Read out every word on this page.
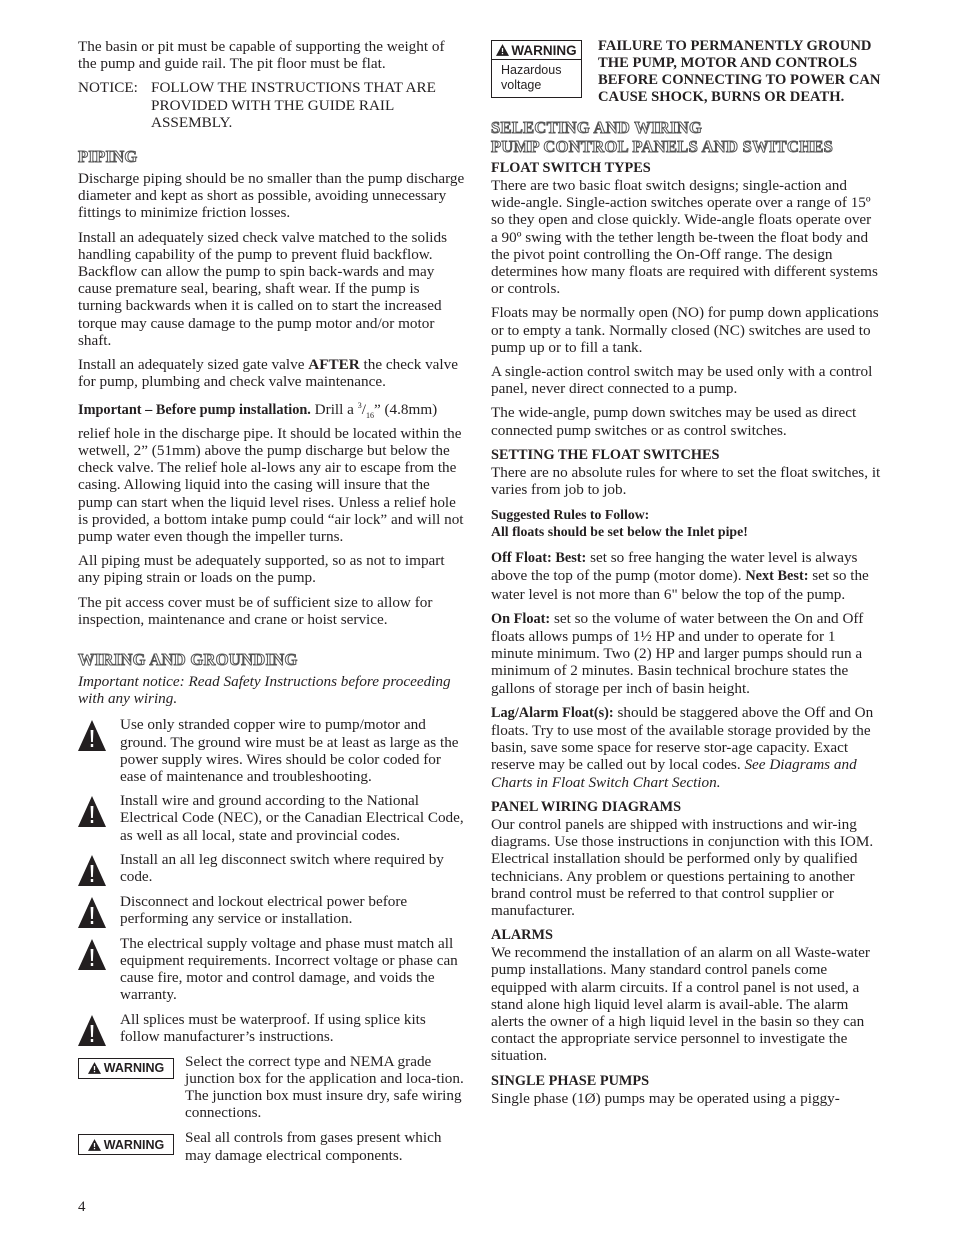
The basin or pit must be capable of supporting the weight of the pump and guide rail. The pit floor must be flat.

NOTICE: FOLLOW THE INSTRUCTIONS THAT ARE PROVIDED WITH THE GUIDE RAIL ASSEMBLY.
PIPING

Discharge piping should be no smaller than the pump discharge diameter and kept as short as possible, avoiding unnecessary fittings to minimize friction losses.

Install an adequately sized check valve matched to the solids handling capability of the pump to prevent fluid backflow. Backflow can allow the pump to spin back-wards and may cause premature seal, bearing, shaft wear. If the pump is turning backwards when it is called on to start the increased torque may cause damage to the pump motor and/or motor shaft.

Install an adequately sized gate valve AFTER the check valve for pump, plumbing and check valve maintenance.

Important – Before pump installation. Drill a $^3/_{16}$” (4.8mm) relief hole in the discharge pipe. It should be located within the wetwell, 2” (51mm) above the pump discharge but below the check valve. The relief hole al-lows any air to escape from the casing. Allowing liquid into the casing will insure that the pump can start when the liquid level rises. Unless a relief hole is provided, a bottom intake pump could “air lock” and will not pump water even though the impeller turns.

All piping must be adequately supported, so as not to impart any piping strain or loads on the pump.

The pit access cover must be of sufficient size to allow for inspection, maintenance and crane or hoist service.

WIRING AND GROUNDING

Important notice: Read Safety Instructions before proceeding with any wiring.

Use only stranded copper wire to pump/motor and ground. The ground wire must be at least as large as the power supply wires. Wires should be color coded for ease of maintenance and troubleshooting.

Install wire and ground according to the National Electrical Code (NEC), or the Canadian Electrical Code, as well as all local, state and provincial codes.

Install an all leg disconnect switch where required by code.

Disconnect and lockout electrical power before performing any service or installation.

The electrical supply voltage and phase must match all equipment requirements. Incorrect voltage or phase can cause fire, motor and control damage, and voids the warranty.

All splices must be waterproof. If using splice kits follow manufacturer’s instructions.

WARNING Select the correct type and NEMA grade junction box for the application and loca-tion. The junction box must insure dry, safe wiring connections.

WARNING Seal all controls from gases present which may damage electrical components.

WARNING
Hazardous voltage
FAILURE TO PERMANENTLY GROUND THE PUMP, MOTOR AND CONTROLS BEFORE CONNECTING TO POWER CAN CAUSE SHOCK, BURNS OR DEATH.
SELECTING AND WIRING
PUMP CONTROL PANELS AND SWITCHES
FLOAT SWITCH TYPES

There are two basic float switch designs; single-action and wide-angle. Single-action switches operate over a range of 15º so they open and close quickly. Wide-angle floats operate over a 90º swing with the tether length be-tween the float body and the pivot point controlling the On-Off range. The design determines how many floats are required with different systems or controls.

Floats may be normally open (NO) for pump down applications or to empty a tank. Normally closed (NC) switches are used to pump up or to fill a tank.

A single-action control switch may be used only with a control panel, never direct connected to a pump.

The wide-angle, pump down switches may be used as direct connected pump switches or as control switches.

SETTING THE FLOAT SWITCHES

There are no absolute rules for where to set the float switches, it varies from job to job.

Suggested Rules to Follow:
All floats should be set below the Inlet pipe!

Off Float: Best: set so free hanging the water level is always above the top of the pump (motor dome). Next Best: set so the water level is not more than 6" below the top of the pump.

On Float: set so the volume of water between the On and Off floats allows pumps of 1½ HP and under to operate for 1 minute minimum. Two (2) HP and larger pumps should run a minimum of 2 minutes. Basin technical brochure states the gallons of storage per inch of basin height.

Lag/Alarm Float(s): should be staggered above the Off and On floats. Try to use most of the available storage provided by the basin, save some space for reserve stor-age capacity. Exact reserve may be called out by local codes. See Diagrams and Charts in Float Switch Chart Section.

PANEL WIRING DIAGRAMS

Our control panels are shipped with instructions and wir-ing diagrams. Use those instructions in conjunction with this IOM. Electrical installation should be performed only by qualified technicians. Any problem or questions pertaining to another brand control must be referred to that control supplier or manufacturer.

ALARMS

We recommend the installation of an alarm on all Waste-water pump installations. Many standard control panels come equipped with alarm circuits. If a control panel is not used, a stand alone high liquid level alarm is avail-able. The alarm alerts the owner of a high liquid level in the basin so they can contact the appropriate service personnel to investigate the situation.

SINGLE PHASE PUMPS

Single phase (1Ø) pumps may be operated using a piggy-

4
